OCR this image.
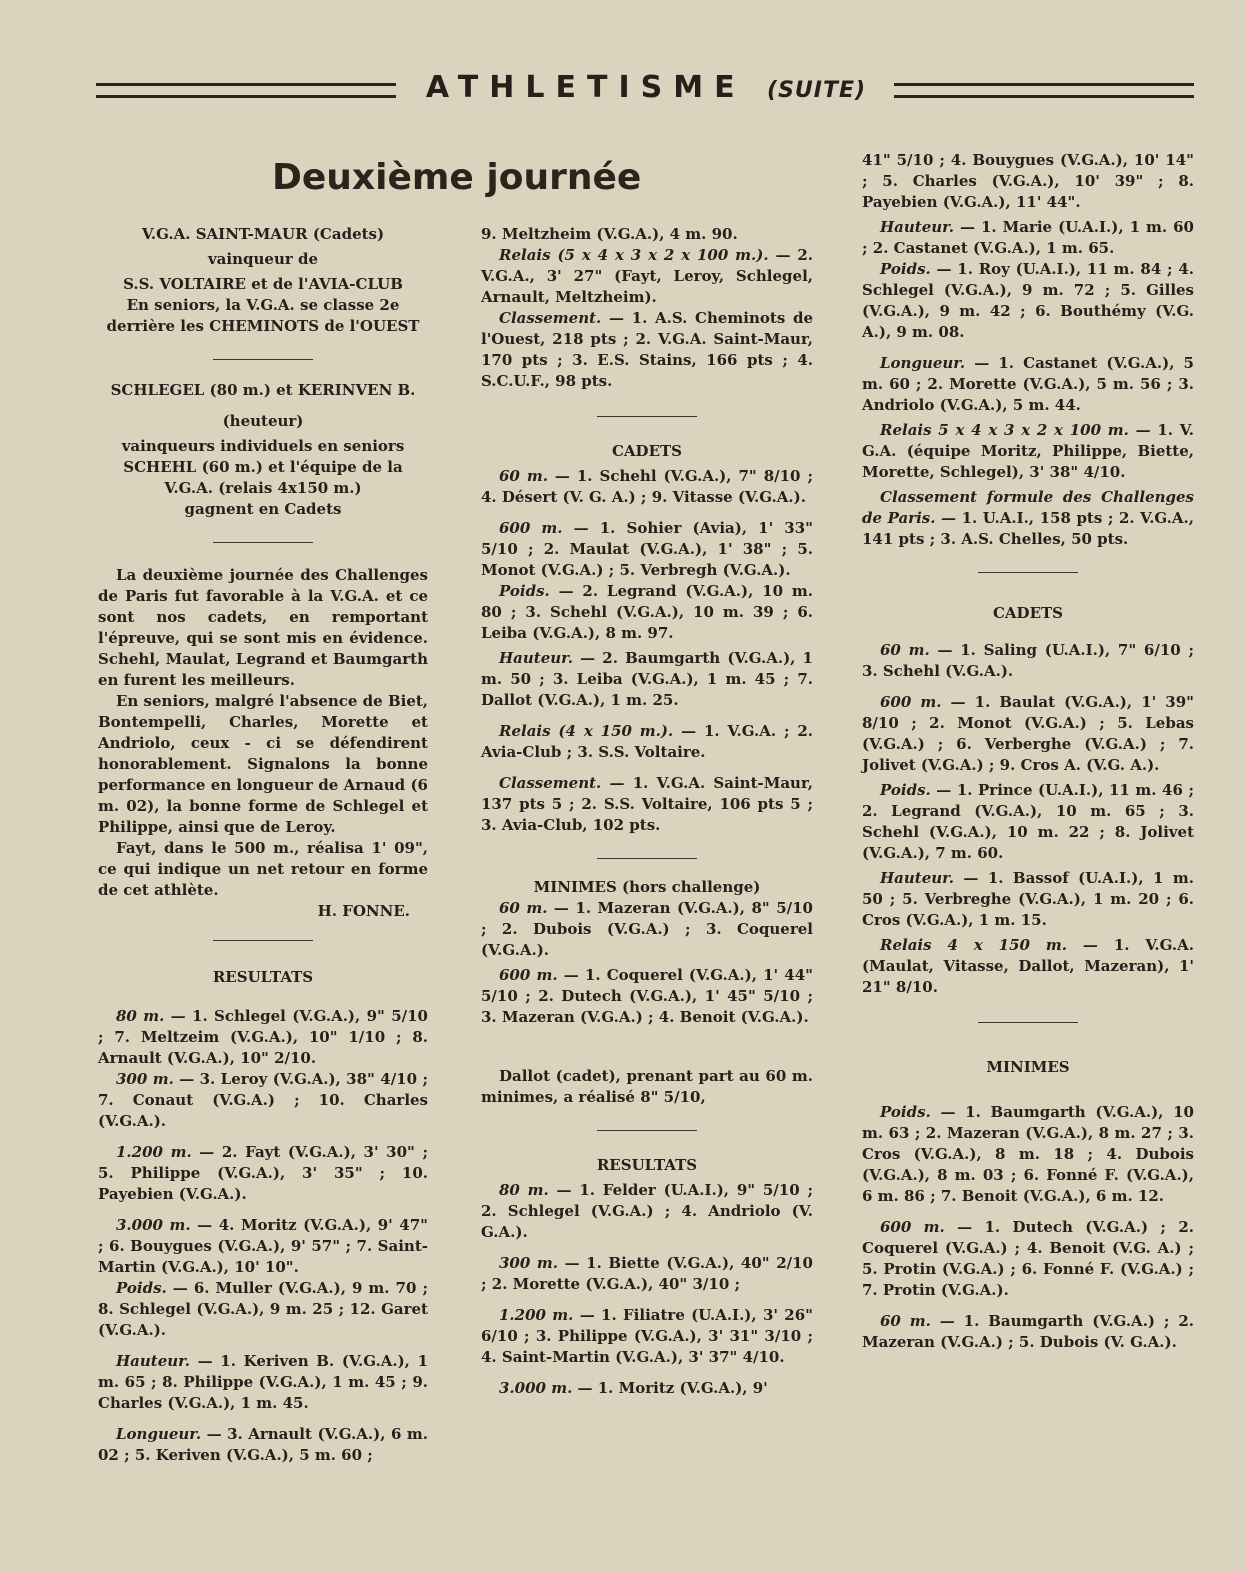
ATHLETISME (SUITE)
Deuxième journée

V.G.A. SAINT-MAUR (Cadets)

vainqueur de

S.S. VOLTAIRE et de l'AVIA-CLUB

En seniors, la V.G.A. se classe 2e

derrière les CHEMINOTS de l'OUEST

SCHLEGEL (80 m.) et KERINVEN B.

(heuteur)

vainqueurs individuels en seniors

SCHEHL (60 m.) et l'équipe de la

V.G.A. (relais 4x150 m.)

gagnent en Cadets

La deuxième journée des Challenges de Paris fut favorable à la V.G.A. et ce sont nos cadets, en remportant l'épreuve, qui se sont mis en évidence. Schehl, Maulat, Legrand et Baumgarth en furent les meilleurs.

En seniors, malgré l'absence de Biet, Bontempelli, Charles, Morette et Andriolo, ceux - ci se défendirent honorablement. Signalons la bonne performance en longueur de Arnaud (6 m. 02), la bonne forme de Schlegel et Philippe, ainsi que de Leroy.

Fayt, dans le 500 m., réalisa 1' 09", ce qui indique un net retour en forme de cet athlète.

H. FONNE.

RESULTATS

80 m. — 1. Schlegel (V.G.A.), 9" 5/10 ; 7. Meltzeim (V.G.A.), 10" 1/10 ; 8. Arnault (V.G.A.), 10" 2/10.

300 m. — 3. Leroy (V.G.A.), 38" 4/10 ; 7. Conaut (V.G.A.) ; 10. Charles (V.G.A.).

1.200 m. — 2. Fayt (V.G.A.), 3' 30" ; 5. Philippe (V.G.A.), 3' 35" ; 10. Payebien (V.G.A.).

3.000 m. — 4. Moritz (V.G.A.), 9' 47" ; 6. Bouygues (V.G.A.), 9' 57" ; 7. Saint-Martin (V.G.A.), 10' 10".

Poids. — 6. Muller (V.G.A.), 9 m. 70 ; 8. Schlegel (V.G.A.), 9 m. 25 ; 12. Garet (V.G.A.).

Hauteur. — 1. Keriven B. (V.G.A.), 1 m. 65 ; 8. Philippe (V.G.A.), 1 m. 45 ; 9. Charles (V.G.A.), 1 m. 45.

Longueur. — 3. Arnault (V.G.A.), 6 m. 02 ; 5. Keriven (V.G.A.), 5 m. 60 ;

9. Meltzheim (V.G.A.), 4 m. 90.

Relais (5 x 4 x 3 x 2 x 100 m.). — 2. V.G.A., 3' 27" (Fayt, Leroy, Schlegel, Arnault, Meltzheim).

Classement. — 1. A.S. Cheminots de l'Ouest, 218 pts ; 2. V.G.A. Saint-Maur, 170 pts ; 3. E.S. Stains, 166 pts ; 4. S.C.U.F., 98 pts.

CADETS

60 m. — 1. Schehl (V.G.A.), 7" 8/10 ; 4. Désert (V. G. A.) ; 9. Vitasse (V.G.A.).

600 m. — 1. Sohier (Avia), 1' 33" 5/10 ; 2. Maulat (V.G.A.), 1' 38" ; 5. Monot (V.G.A.) ; 5. Verbregh (V.G.A.).

Poids. — 2. Legrand (V.G.A.), 10 m. 80 ; 3. Schehl (V.G.A.), 10 m. 39 ; 6. Leiba (V.G.A.), 8 m. 97.

Hauteur. — 2. Baumgarth (V.G.A.), 1 m. 50 ; 3. Leiba (V.G.A.), 1 m. 45 ; 7. Dallot (V.G.A.), 1 m. 25.

Relais (4 x 150 m.). — 1. V.G.A. ; 2. Avia-Club ; 3. S.S. Voltaire.

Classement. — 1. V.G.A. Saint-Maur, 137 pts 5 ; 2. S.S. Voltaire, 106 pts 5 ; 3. Avia-Club, 102 pts.

MINIMES (hors challenge)

60 m. — 1. Mazeran (V.G.A.), 8" 5/10 ; 2. Dubois (V.G.A.) ; 3. Coquerel (V.G.A.).

600 m. — 1. Coquerel (V.G.A.), 1' 44" 5/10 ; 2. Dutech (V.G.A.), 1' 45" 5/10 ; 3. Mazeran (V.G.A.) ; 4. Benoit (V.G.A.).

Dallot (cadet), prenant part au 60 m. minimes, a réalisé 8" 5/10,

RESULTATS

80 m. — 1. Felder (U.A.I.), 9" 5/10 ; 2. Schlegel (V.G.A.) ; 4. Andriolo (V. G.A.).

300 m. — 1. Biette (V.G.A.), 40" 2/10 ; 2. Morette (V.G.A.), 40" 3/10 ;

1.200 m. — 1. Filiatre (U.A.I.), 3' 26" 6/10 ; 3. Philippe (V.G.A.), 3' 31" 3/10 ; 4. Saint-Martin (V.G.A.), 3' 37" 4/10.

3.000 m. — 1. Moritz (V.G.A.), 9'

41" 5/10 ; 4. Bouygues (V.G.A.), 10' 14" ; 5. Charles (V.G.A.), 10' 39" ; 8. Payebien (V.G.A.), 11' 44".

Hauteur. — 1. Marie (U.A.I.), 1 m. 60 ; 2. Castanet (V.G.A.), 1 m. 65.

Poids. — 1. Roy (U.A.I.), 11 m. 84 ; 4. Schlegel (V.G.A.), 9 m. 72 ; 5. Gilles (V.G.A.), 9 m. 42 ; 6. Bouthémy (V.G. A.), 9 m. 08.

Longueur. — 1. Castanet (V.G.A.), 5 m. 60 ; 2. Morette (V.G.A.), 5 m. 56 ; 3. Andriolo (V.G.A.), 5 m. 44.

Relais 5 x 4 x 3 x 2 x 100 m. — 1. V. G.A. (équipe Moritz, Philippe, Biette, Morette, Schlegel), 3' 38" 4/10.

Classement formule des Challenges de Paris. — 1. U.A.I., 158 pts ; 2. V.G.A., 141 pts ; 3. A.S. Chelles, 50 pts.

CADETS

60 m. — 1. Saling (U.A.I.), 7" 6/10 ; 3. Schehl (V.G.A.).

600 m. — 1. Baulat (V.G.A.), 1' 39" 8/10 ; 2. Monot (V.G.A.) ; 5. Lebas (V.G.A.) ; 6. Verberghe (V.G.A.) ; 7. Jolivet (V.G.A.) ; 9. Cros A. (V.G. A.).

Poids. — 1. Prince (U.A.I.), 11 m. 46 ; 2. Legrand (V.G.A.), 10 m. 65 ; 3. Schehl (V.G.A.), 10 m. 22 ; 8. Jolivet (V.G.A.), 7 m. 60.

Hauteur. — 1. Bassof (U.A.I.), 1 m. 50 ; 5. Verbreghe (V.G.A.), 1 m. 20 ; 6. Cros (V.G.A.), 1 m. 15.

Relais 4 x 150 m. — 1. V.G.A. (Maulat, Vitasse, Dallot, Mazeran), 1' 21" 8/10.

MINIMES

Poids. — 1. Baumgarth (V.G.A.), 10 m. 63 ; 2. Mazeran (V.G.A.), 8 m. 27 ; 3. Cros (V.G.A.), 8 m. 18 ; 4. Dubois (V.G.A.), 8 m. 03 ; 6. Fonné F. (V.G.A.), 6 m. 86 ; 7. Benoit (V.G.A.), 6 m. 12.

600 m. — 1. Dutech (V.G.A.) ; 2. Coquerel (V.G.A.) ; 4. Benoit (V.G. A.) ; 5. Protin (V.G.A.) ; 6. Fonné F. (V.G.A.) ; 7. Protin (V.G.A.).

60 m. — 1. Baumgarth (V.G.A.) ; 2. Mazeran (V.G.A.) ; 5. Dubois (V. G.A.).
